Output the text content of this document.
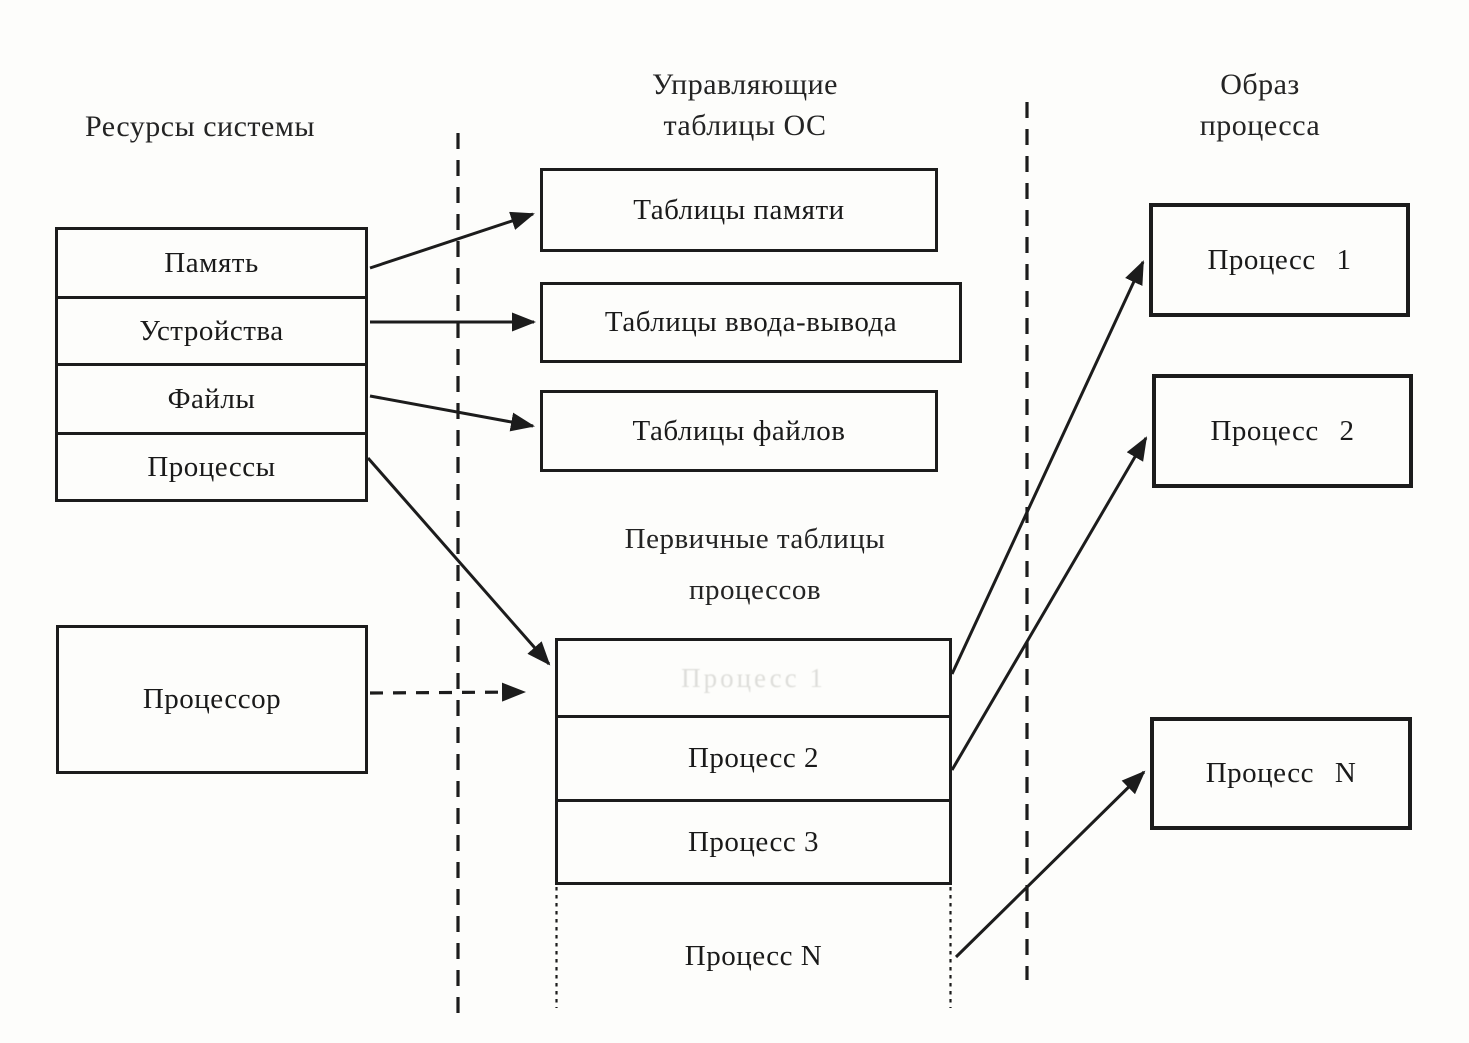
Ресурсы системы
Управляющие
таблицы ОС
Образ
процесса
Первичные таблицы
процессов
Память
Устройства
Файлы
Процессы
Процессор
Таблицы памяти
Таблицы ввода-вывода
Таблицы файлов
Процесс 1
Процесс 2
Процесс 3
Процесс N
Процесс 1
Процесс 2
Процесс N
